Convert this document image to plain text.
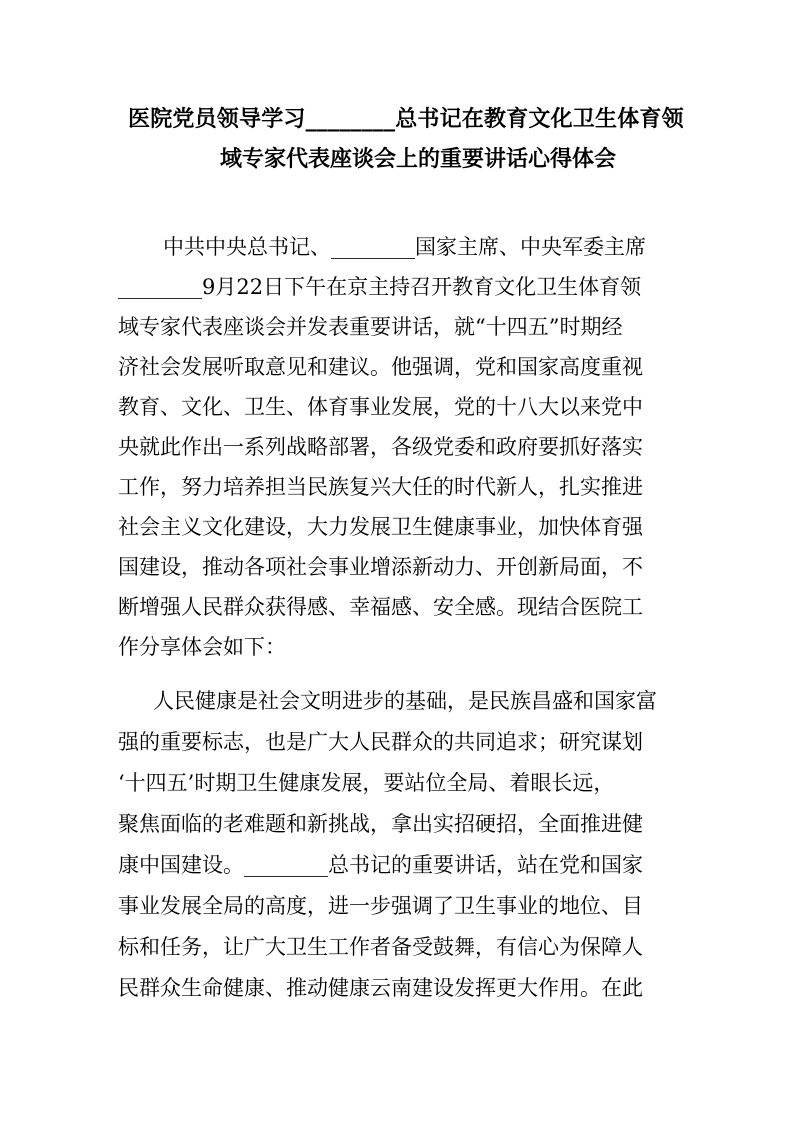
医院党员领导学习________总书记在教育文化卫生体育领
域专家代表座谈会上的重要讲话心得体会
中共中央总书记、________国家主席、中央军委主席
________9月22日下午在京主持召开教育文化卫生体育领
域专家代表座谈会并发表重要讲话，就“十四五”时期经
济社会发展听取意见和建议。他强调，党和国家高度重视
教育、文化、卫生、体育事业发展，党的十八大以来党中
央就此作出一系列战略部署，各级党委和政府要抓好落实
工作，努力培养担当民族复兴大任的时代新人，扎实推进
社会主义文化建设，大力发展卫生健康事业，加快体育强
国建设，推动各项社会事业增添新动力、开创新局面，不
断增强人民群众获得感、幸福感、安全感。现结合医院工
作分享体会如下：
人民健康是社会文明进步的基础，是民族昌盛和国家富
强的重要标志，也是广大人民群众的共同追求；研究谋划
‘十四五’时期卫生健康发展，要站位全局、着眼长远，
聚焦面临的老难题和新挑战，拿出实招硬招，全面推进健
康中国建设。________总书记的重要讲话，站在党和国家
事业发展全局的高度，进一步强调了卫生事业的地位、目
标和任务，让广大卫生工作者备受鼓舞，有信心为保障人
民群众生命健康、推动健康云南建设发挥更大作用。在此
